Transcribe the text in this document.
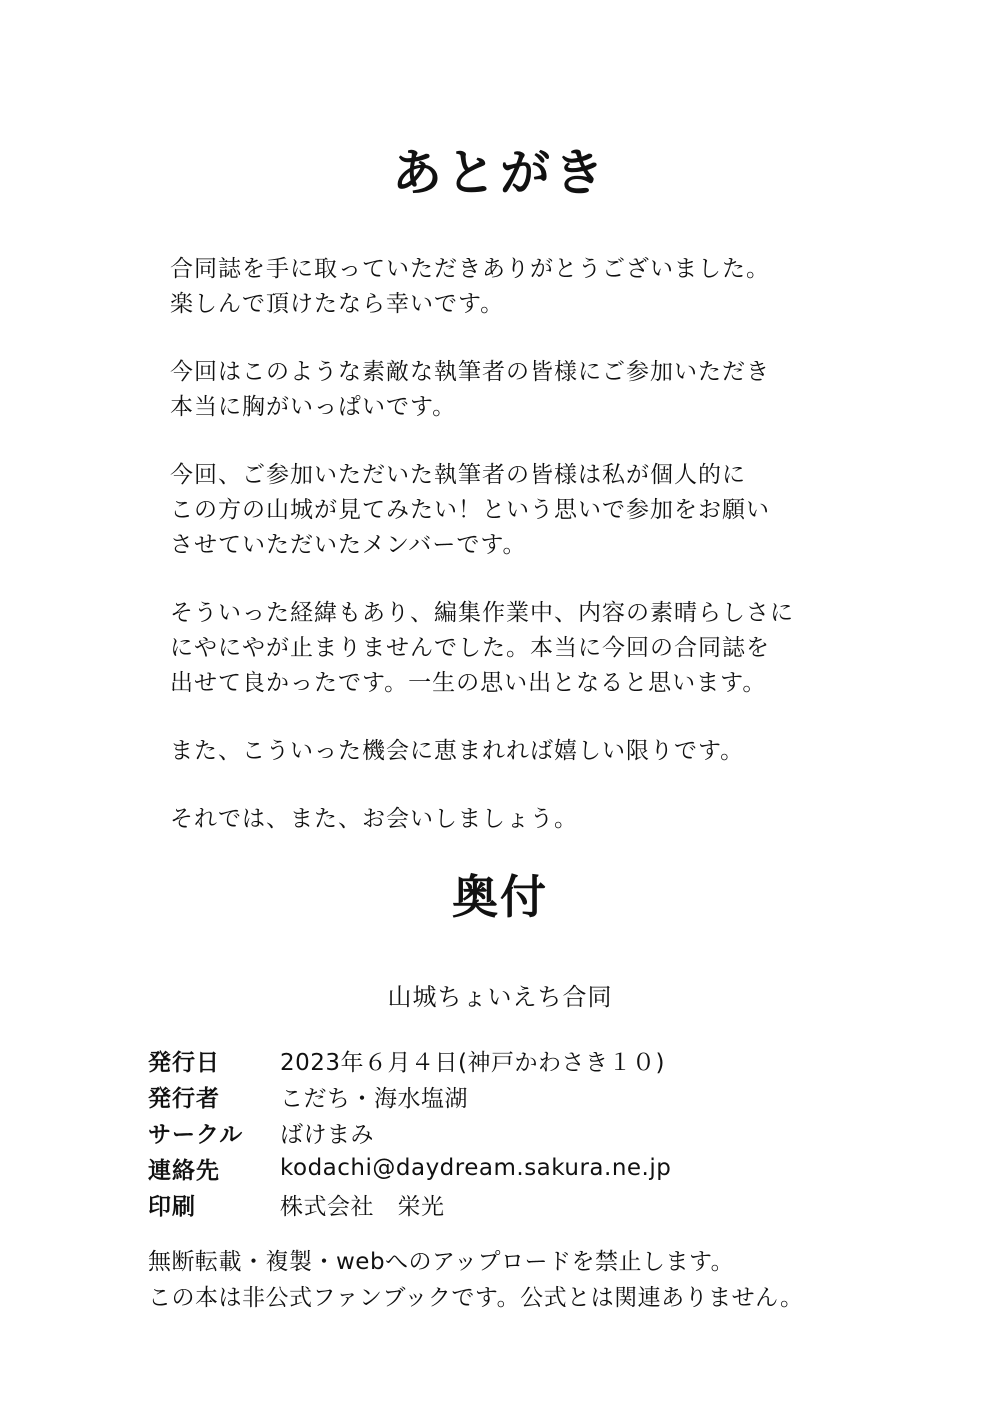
あとがき

合同誌を手に取っていただきありがとうございました。
楽しんで頂けたなら幸いです。

今回はこのような素敵な執筆者の皆様にご参加いただき
本当に胸がいっぱいです。

今回、ご参加いただいた執筆者の皆様は私が個人的に
この方の山城が見てみたい！という思いで参加をお願い
させていただいたメンバーです。

そういった経緯もあり、編集作業中、内容の素晴らしさに
にやにやが止まりませんでした。本当に今回の合同誌を
出せて良かったです。一生の思い出となると思います。

また、こういった機会に恵まれれば嬉しい限りです。

それでは、また、お会いしましょう。

奥付
山城ちょいえち合同
発行日	2023年６月４日(神戸かわさき１０)
発行者	こだち・海水塩湖
サークル	ばけまみ
連絡先	kodachi@daydream.sakura.ne.jp
印刷	株式会社　栄光
無断転載・複製・webへのアップロードを禁止します。
この本は非公式ファンブックです。公式とは関連ありません。
